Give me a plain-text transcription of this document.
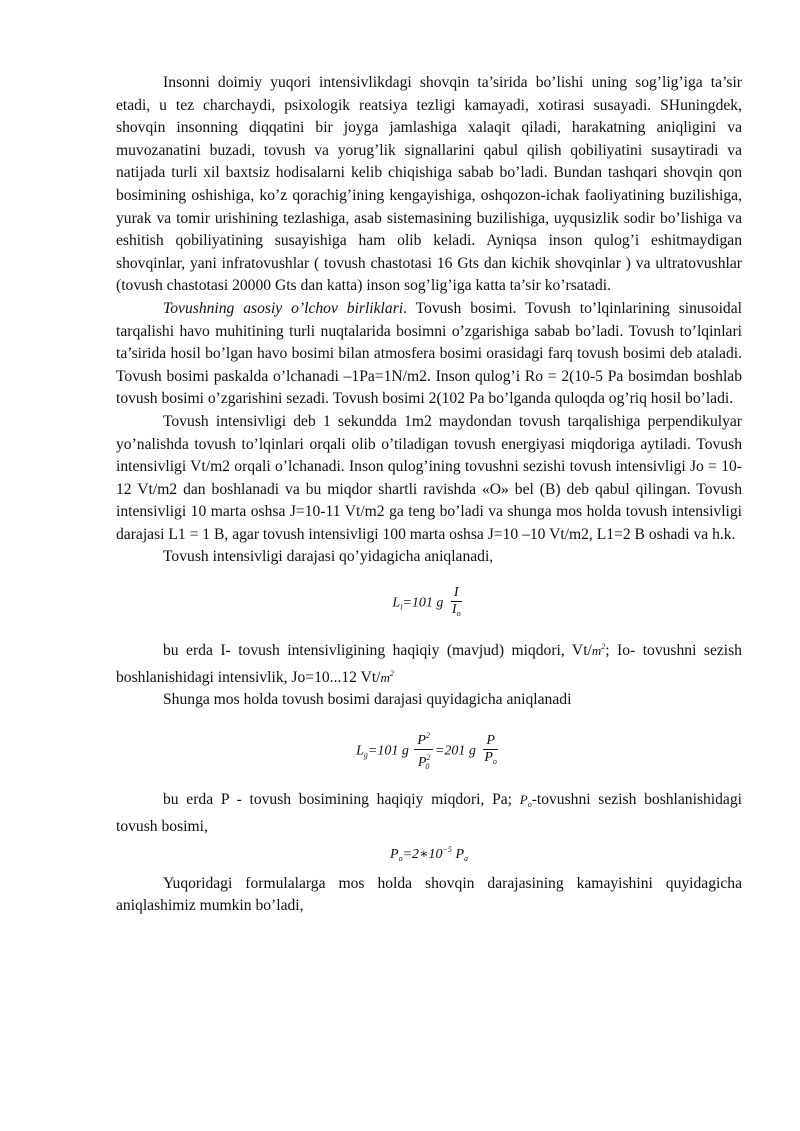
Insonni doimiy yuqori intensivlikdagi shovqin ta’sirida bo’lishi uning sog’lig’iga ta’sir etadi, u tez charchaydi, psixologik reatsiya tezligi kamayadi, xotirasi susayadi. SHuningdek, shovqin insonning diqqatini bir joyga jamlashiga xalaqit qiladi, harakatning aniqligini va muvozanatini buzadi, tovush va yorug’lik signallarini qabul qilish qobiliyatini susaytiradi va natijada turli xil baxtsiz hodisalarni kelib chiqishiga sabab bo’ladi. Bundan tashqari shovqin qon bosimining oshishiga, ko’z qorachig’ining kengayishiga, oshqozon-ichak faoliyatining buzilishiga, yurak va tomir urishining tezlashiga, asab sistemasining buzilishiga, uyqusizlik sodir bo’lishiga va eshitish qobiliyatining susayishiga ham olib keladi. Ayniqsa inson qulog’i eshitmaydigan shovqinlar, yani infratovushlar ( tovush chastotasi 16 Gts dan kichik shovqinlar ) va ultratovushlar (tovush chastotasi 20000 Gts dan katta) inson sog’lig’iga katta ta’sir ko’rsatadi.

Tovushning asosiy o’lchov birliklari. Tovush bosimi. Tovush to’lqinlarining sinusoidal tarqalishi havo muhitining turli nuqtalarida bosimni o’zgarishiga sabab bo’ladi. Tovush to’lqinlari ta’sirida hosil bo’lgan havo bosimi bilan atmosfera bosimi orasidagi farq tovush bosimi deb ataladi. Tovush bosimi paskalda o’lchanadi –1Pa=1N/m2. Inson qulog’i Ro = 2(10-5 Pa bosimdan boshlab tovush bosimi o’zgarishini sezadi. Tovush bosimi 2(102 Pa bo’lganda quloqda og’riq hosil bo’ladi.

Tovush intensivligi deb 1 sekundda 1m2 maydondan tovush tarqalishiga perpendikulyar yo’nalishda tovush to’lqinlari orqali olib o’tiladigan tovush energiyasi miqdoriga aytiladi. Tovush intensivligi Vt/m2 orqali o’lchanadi. Inson qulog’ining tovushni sezishi tovush intensivligi Jo = 10-12 Vt/m2 dan boshlanadi va bu miqdor shartli ravishda «O» bel (B) deb qabul qilingan. Tovush intensivligi 10 marta oshsa J=10-11 Vt/m2 ga teng bo’ladi va shunga mos holda tovush intensivligi darajasi L1 = 1 B, agar tovush intensivligi 100 marta oshsa J=10 –10 Vt/m2, L1=2 B oshadi va h.k.

Tovush intensivligi darajasi qo’yidagicha aniqlanadi,

$L_i=101$ g $\frac{I}{I_o}$

bu erda I- tovush intensivligining haqiqiy (mavjud) miqdori, $Vt/m^2$; Io- tovushni sezish boshlanishidagi intensivlik, Jo=10...12 $Vt/m^2$

Shunga mos holda tovush bosimi darajasi quyidagicha aniqlanadi

$L_g=101$ g $\frac{P^2}{P^2_0} =201$ g $\frac{P}{P_o}$

bu erda P - tovush bosimining haqiqiy miqdori, Pa; $P_o$-tovushni sezish boshlanishidagi tovush bosimi,

$P_o=2∗10^{-5}$ $P_a$

Yuqoridagi formulalarga mos holda shovqin darajasining kamayishini quyidagicha aniqlashimiz mumkin bo’ladi,
